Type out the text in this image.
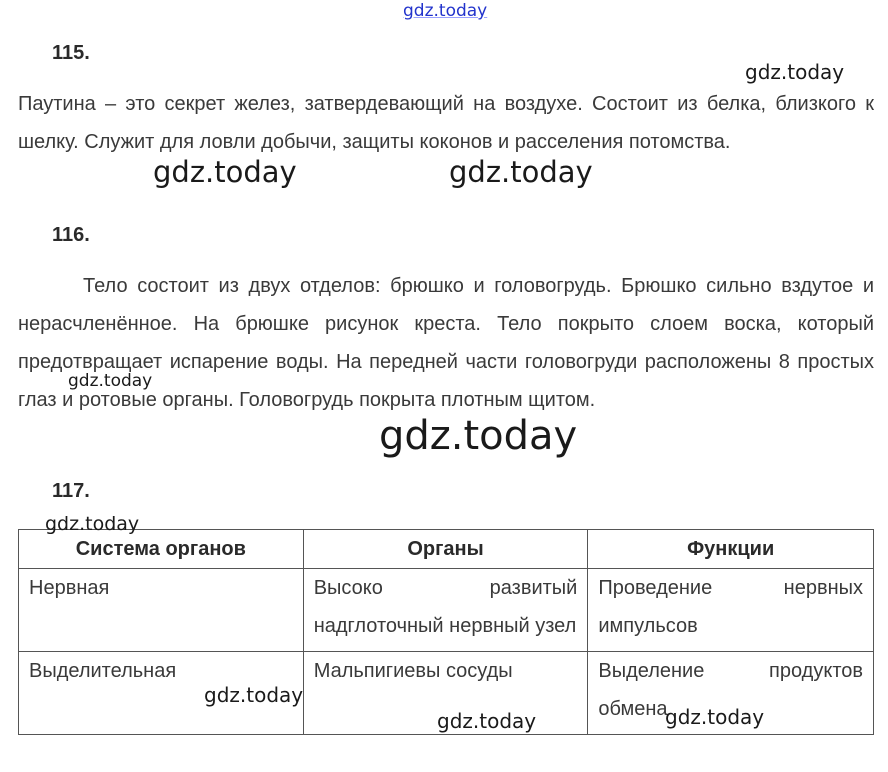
gdz.today
115.
gdz.today
Паутина – это секрет желез, затвердевающий на воздухе. Состоит из белка, близкого к шелку. Служит для ловли добычи, защиты коконов и расселения потомства.
gdz.today	gdz.today
116.
Тело состоит из двух отделов: брюшко и головогрудь. Брюшко сильно вздутое и нерасчленённое. На брюшке рисунок креста. Тело покрыто слоем воска, который предотвращает испарение воды. На передней части головогруди расположены 8 простых глаз и ротовые органы. Головогрудь покрыта плотным щитом.
gdz.today
gdz.today
117.
Система органов	Органы	Функции
Нервная	Высоко развитый надглоточный нервный узел	Проведение нервных импульсов
Выделительная	Мальпигиевы сосуды	Выделение продуктов обмена
gdz.today
gdz.today
gdz.today	gdz.today
